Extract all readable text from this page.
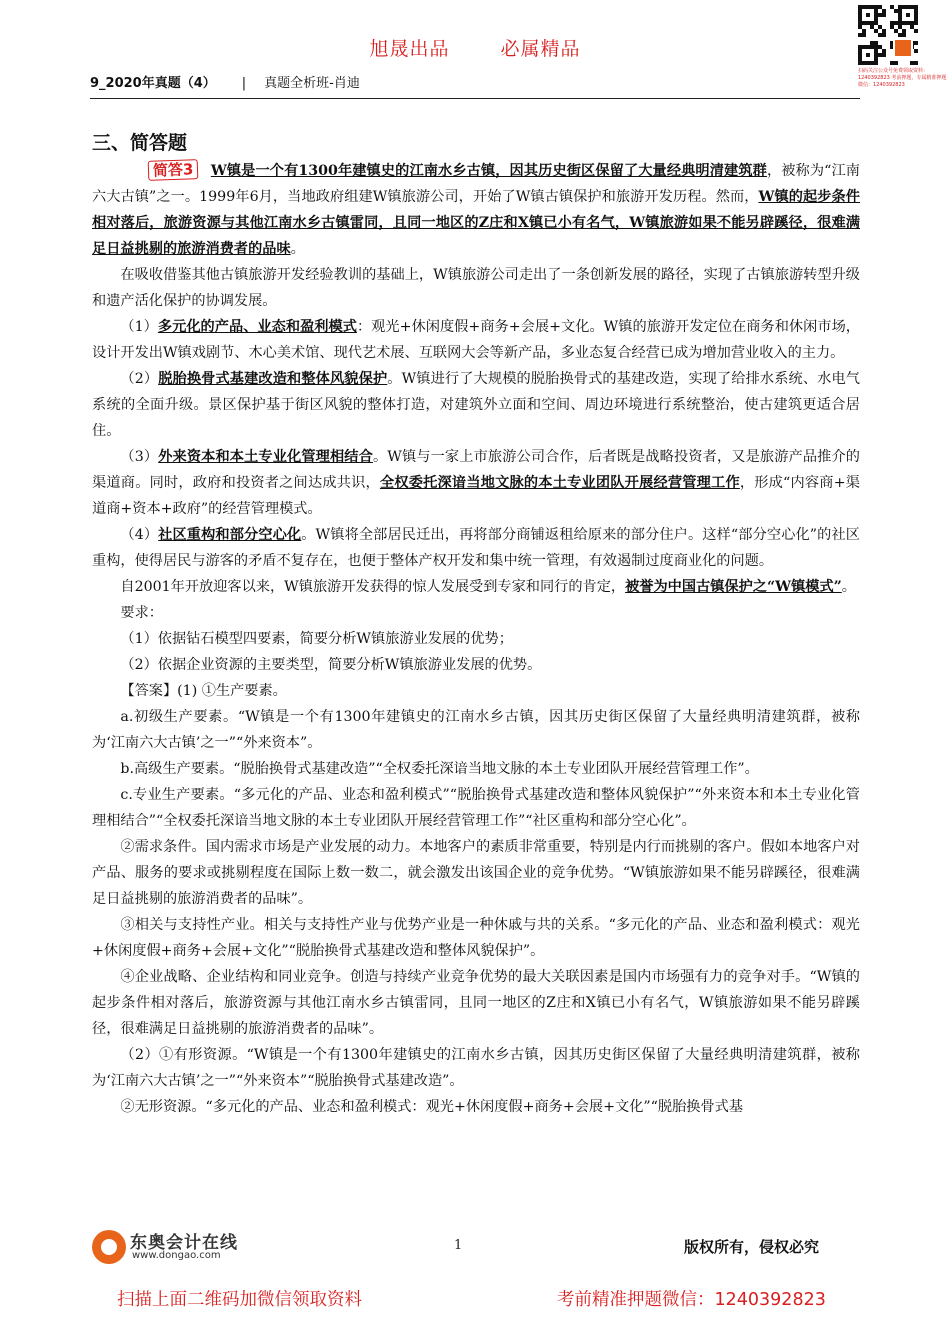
旭晟出品	必属精品
扫码关注公众号免费领取资料：1240392823 考前押题，专属精准押题微信：1240392823
9_2020年真题（4） | 真题全析班-肖迪
三、简答题

简答3 W镇是一个有1300年建镇史的江南水乡古镇，因其历史街区保留了大量经典明清建筑群，被称为“江南六大古镇”之一。1999年6月，当地政府组建W镇旅游公司，开始了W镇古镇保护和旅游开发历程。然而，W镇的起步条件相对落后，旅游资源与其他江南水乡古镇雷同，且同一地区的Z庄和X镇已小有名气，W镇旅游如果不能另辟蹊径，很难满足日益挑剔的旅游消费者的品味。

在吸收借鉴其他古镇旅游开发经验教训的基础上，W镇旅游公司走出了一条创新发展的路径，实现了古镇旅游转型升级和遗产活化保护的协调发展。

（1）多元化的产品、业态和盈利模式：观光+休闲度假+商务+会展+文化。W镇的旅游开发定位在商务和休闲市场，设计开发出W镇戏剧节、木心美术馆、现代艺术展、互联网大会等新产品，多业态复合经营已成为增加营业收入的主力。

（2）脱胎换骨式基建改造和整体风貌保护。W镇进行了大规模的脱胎换骨式的基建改造，实现了给排水系统、水电气系统的全面升级。景区保护基于街区风貌的整体打造，对建筑外立面和空间、周边环境进行系统整治，使古建筑更适合居住。

（3）外来资本和本土专业化管理相结合。W镇与一家上市旅游公司合作，后者既是战略投资者，又是旅游产品推介的渠道商。同时，政府和投资者之间达成共识，全权委托深谙当地文脉的本土专业团队开展经营管理工作，形成“内容商+渠道商+资本+政府”的经营管理模式。

（4）社区重构和部分空心化。W镇将全部居民迁出，再将部分商铺返租给原来的部分住户。这样“部分空心化”的社区重构，使得居民与游客的矛盾不复存在，也便于整体产权开发和集中统一管理，有效遏制过度商业化的问题。

自2001年开放迎客以来，W镇旅游开发获得的惊人发展受到专家和同行的肯定，被誉为中国古镇保护之“W镇模式”。

要求：

（1）依据钻石模型四要素，简要分析W镇旅游业发展的优势；

（2）依据企业资源的主要类型，简要分析W镇旅游业发展的优势。

【答案】(1) ①生产要素。

a.初级生产要素。“W镇是一个有1300年建镇史的江南水乡古镇，因其历史街区保留了大量经典明清建筑群，被称为‘江南六大古镇’之一”“外来资本”。

b.高级生产要素。“脱胎换骨式基建改造”“全权委托深谙当地文脉的本土专业团队开展经营管理工作”。

c.专业生产要素。“多元化的产品、业态和盈利模式”“脱胎换骨式基建改造和整体风貌保护”“外来资本和本土专业化管理相结合”“全权委托深谙当地文脉的本土专业团队开展经营管理工作”“社区重构和部分空心化”。

②需求条件。国内需求市场是产业发展的动力。本地客户的素质非常重要，特别是内行而挑剔的客户。假如本地客户对产品、服务的要求或挑剔程度在国际上数一数二，就会激发出该国企业的竞争优势。“W镇旅游如果不能另辟蹊径，很难满足日益挑剔的旅游消费者的品味”。

③相关与支持性产业。相关与支持性产业与优势产业是一种休戚与共的关系。“多元化的产品、业态和盈利模式：观光+休闲度假+商务+会展+文化”“脱胎换骨式基建改造和整体风貌保护”。

④企业战略、企业结构和同业竞争。创造与持续产业竞争优势的最大关联因素是国内市场强有力的竞争对手。“W镇的起步条件相对落后，旅游资源与其他江南水乡古镇雷同，且同一地区的Z庄和X镇已小有名气，W镇旅游如果不能另辟蹊径，很难满足日益挑剔的旅游消费者的品味”。

（2）①有形资源。“W镇是一个有1300年建镇史的江南水乡古镇，因其历史街区保留了大量经典明清建筑群，被称为‘江南六大古镇’之一”“外来资本”“脱胎换骨式基建改造”。

②无形资源。“多元化的产品、业态和盈利模式：观光+休闲度假+商务+会展+文化”“脱胎换骨式基

东奥会计在线
www.dongao.com
1	版权所有，侵权必究
扫描上面二维码加微信领取资料	考前精准押题微信：1240392823
